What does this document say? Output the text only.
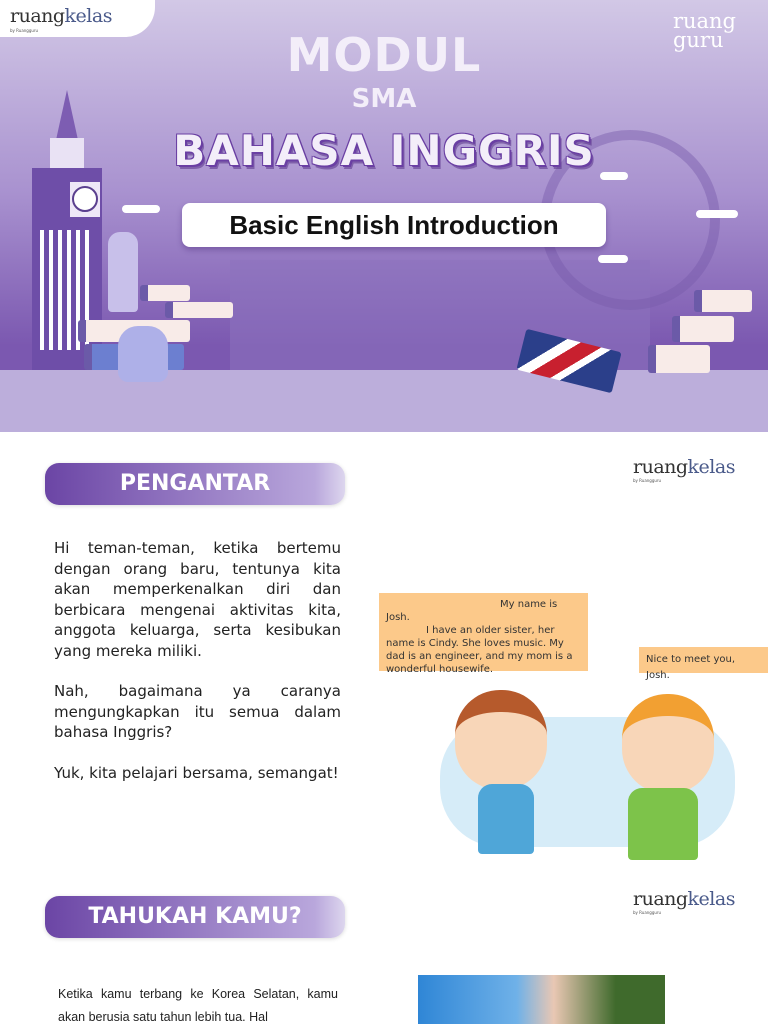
ruangkelas
by Ruangguru	ruang
guru
MODUL
SMA
BAHASA INGGRIS
Basic English Introduction
PENGANTAR
ruangkelas
by Ruangguru

Hi teman-teman, ketika bertemu dengan orang baru, tentunya kita akan memperkenalkan diri dan berbicara mengenai aktivitas kita, anggota keluarga, serta kesibukan yang mereka miliki.

Nah, bagaimana ya caranya mengungkapkan itu semua dalam bahasa Inggris?

Yuk, kita pelajari bersama, semangat!

My name is
Josh.
I have an older sister, her name is Cindy. She loves music. My dad is an engineer, and my mom is a wonderful housewife.
Nice to meet you, Josh.
TAHUKAH KAMU?
ruangkelas
by Ruangguru

Ketika kamu terbang ke Korea Selatan, kamu akan berusia satu tahun lebih tua. Hal
